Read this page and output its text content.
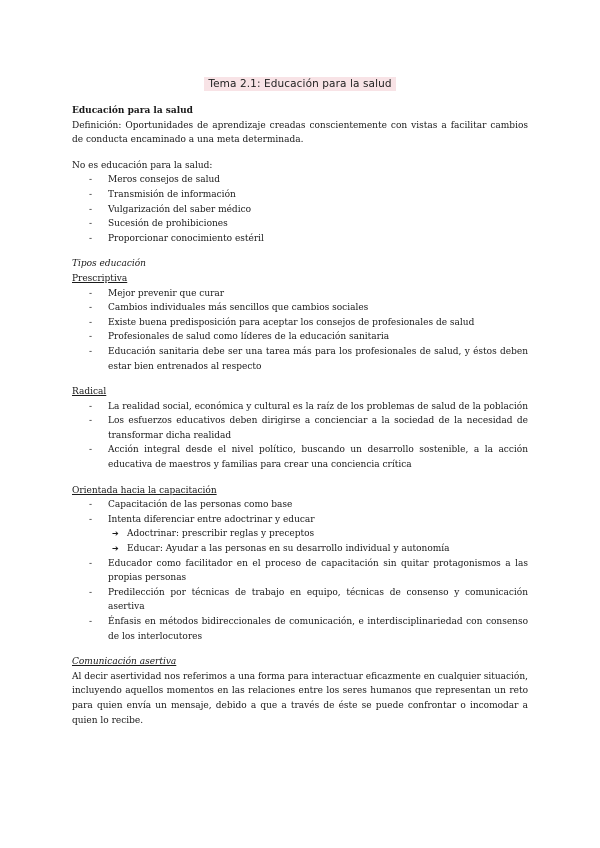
Tema 2.1: Educación para la salud
Educación para la salud
Definición: Oportunidades de aprendizaje creadas conscientemente con vistas a facilitar cambios de conducta encaminado a una meta determinada.
No es educación para la salud:
- Meros consejos de salud
- Transmisión de información
- Vulgarización del saber médico
- Sucesión de prohibiciones
- Proporcionar conocimiento estéril
Tipos educación
Prescriptiva
- Mejor prevenir que curar
- Cambios individuales más sencillos que cambios sociales
- Existe buena predisposición para aceptar los consejos de profesionales de salud
- Profesionales de salud como líderes de la educación sanitaria
- Educación sanitaria debe ser una tarea más para los profesionales de salud, y éstos deben estar bien entrenados al respecto
Radical
- La realidad social, económica y cultural es la raíz de los problemas de salud de la población
- Los esfuerzos educativos deben dirigirse a concienciar a la sociedad de la necesidad de transformar dicha realidad
- Acción integral desde el nivel político, buscando un desarrollo sostenible, a la acción educativa de maestros y familias para crear una conciencia crítica
Orientada hacia la capacitación
- Capacitación de las personas como base
- Intenta diferenciar entre adoctrinar y educar
➔ Adoctrinar: prescribir reglas y preceptos
➔ Educar: Ayudar a las personas en su desarrollo individual y autonomía
- Educador como facilitador en el proceso de capacitación sin quitar protagonismos a las propias personas
- Predilección por técnicas de trabajo en equipo, técnicas de consenso y comunicación asertiva
- Énfasis en métodos bidireccionales de comunicación, e interdisciplinariedad con consenso de los interlocutores
Comunicación asertiva
Al decir asertividad nos referimos a una forma para interactuar eficazmente en cualquier situación, incluyendo aquellos momentos en las relaciones entre los seres humanos que representan un reto para quien envía un mensaje, debido a que a través de éste se puede confrontar o incomodar a quien lo recibe.
